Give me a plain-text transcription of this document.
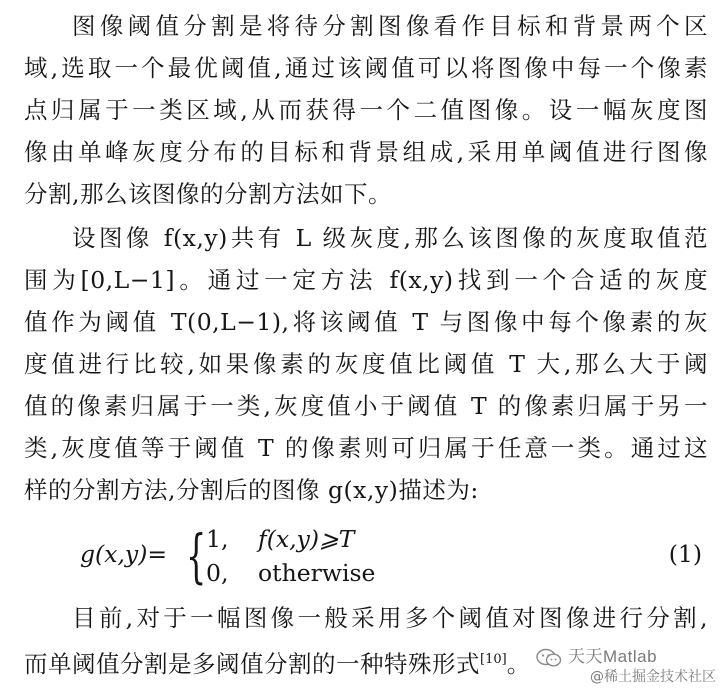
图像阈值分割是将待分割图像看作目标和背景两个区
域,选取一个最优阈值,通过该阈值可以将图像中每一个像素
点归属于一类区域,从而获得一个二值图像。设一幅灰度图
像由单峰灰度分布的目标和背景组成,采用单阈值进行图像
分割,那么该图像的分割方法如下。
设图像 f(x,y)共有 L 级灰度,那么该图像的灰度取值范
围为[0,L−1]。通过一定方法 f(x,y)找到一个合适的灰度
值作为阈值 T(0,L−1),将该阈值 T 与图像中每个像素的灰
度值进行比较,如果像素的灰度值比阈值 T 大,那么大于阈
值的像素归属于一类,灰度值小于阈值 T 的像素归属于另一
类,灰度值等于阈值 T 的像素则可归属于任意一类。通过这
样的分割方法,分割后的图像 g(x,y)描述为:
g(x,y)= { 1, f(x,y)⩾T
0, otherwise
(1)
目前,对于一幅图像一般采用多个阈值对图像进行分割,
而单阈值分割是多阈值分割的一种特殊形式[10]。	天天Matlab
@稀土掘金技术社区
